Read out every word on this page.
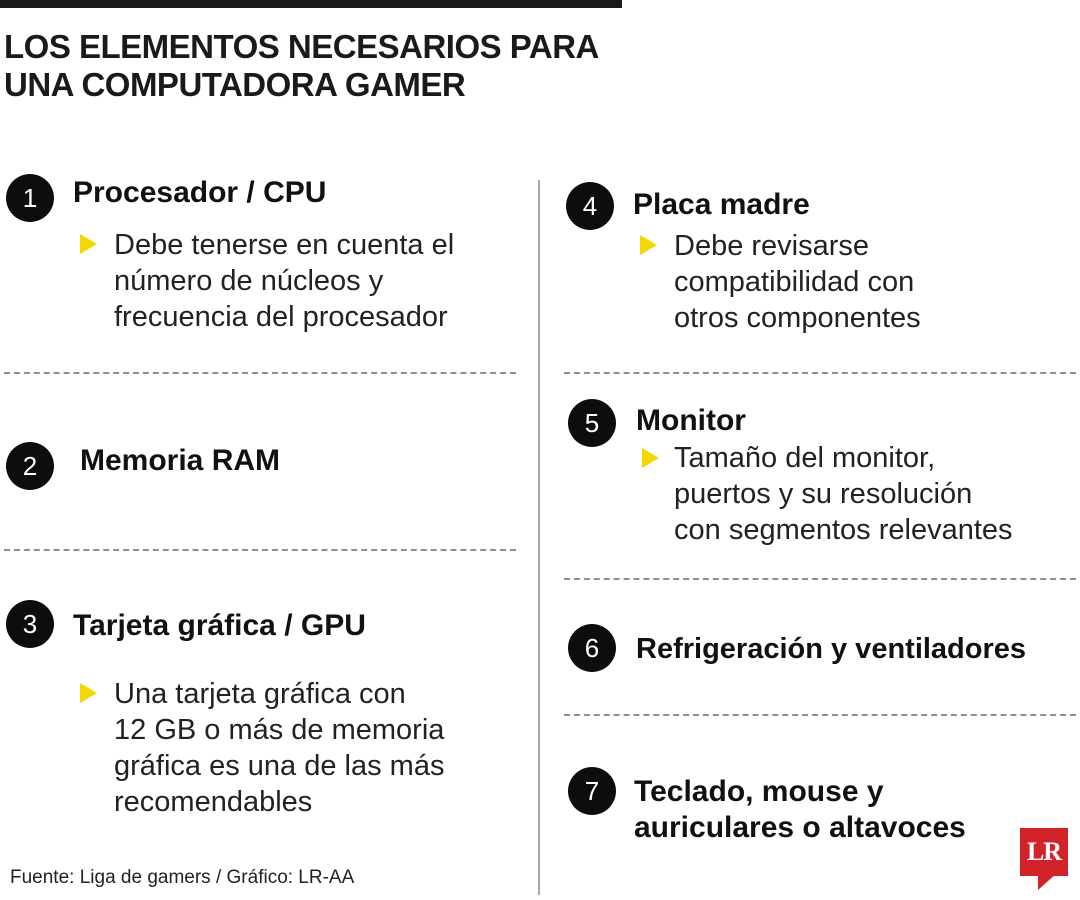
LOS ELEMENTOS NECESARIOS PARA
UNA COMPUTADORA GAMER
1	Procesador / CPU
Debe tenerse en cuenta el
número de núcleos y
frecuencia del procesador
2	Memoria RAM
3	Tarjeta gráfica / GPU
Una tarjeta gráfica con
12 GB o más de memoria
gráfica es una de las más
recomendables
4	Placa madre
Debe revisarse
compatibilidad con
otros componentes
5	Monitor
Tamaño del monitor,
puertos y su resolución
con segmentos relevantes
6	Refrigeración y ventiladores
7	Teclado, mouse y
auriculares o altavoces
Fuente: Liga de gamers / Gráfico: LR-AA
LR
